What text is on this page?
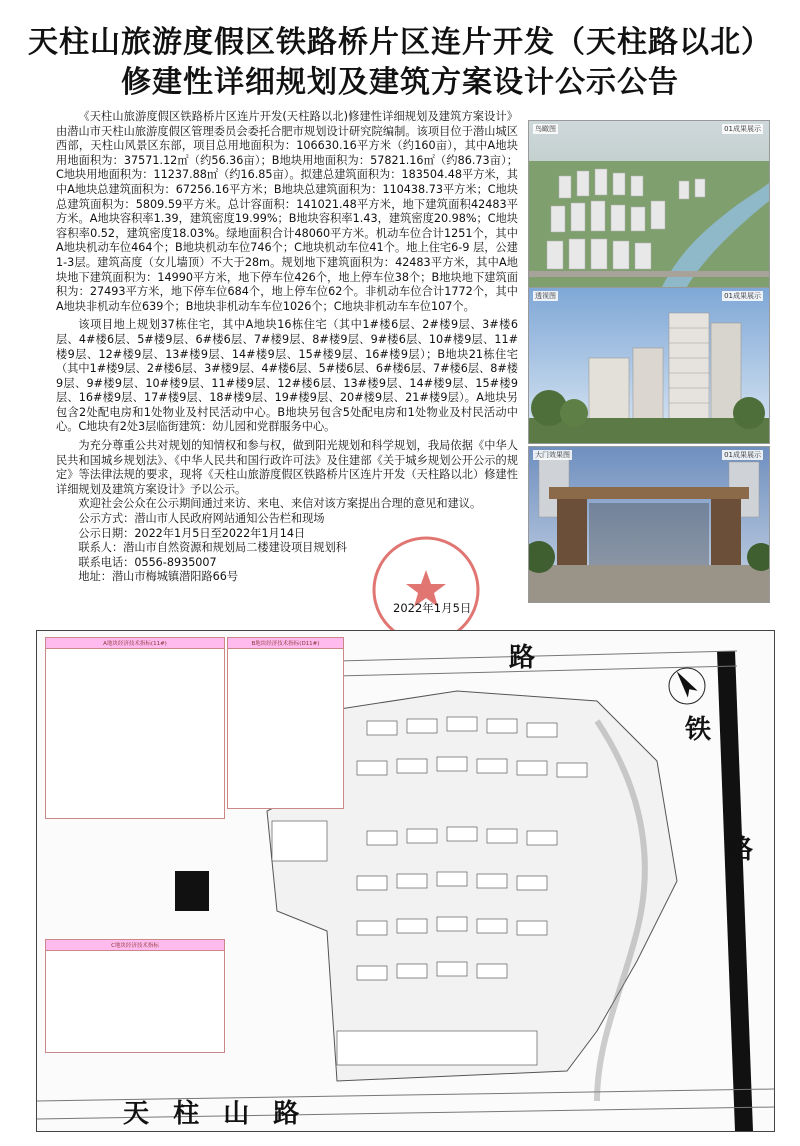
天柱山旅游度假区铁路桥片区连片开发（天柱路以北）
修建性详细规划及建筑方案设计公示公告

《天柱山旅游度假区铁路桥片区连片开发(天柱路以北)修建性详细规划及建筑方案设计》由潜山市天柱山旅游度假区管理委员会委托合肥市规划设计研究院编制。该项目位于潜山城区西部，天柱山风景区东部，项目总用地面积为：106630.16平方米（约160亩），其中A地块用地面积为：37571.12㎡（约56.36亩）；B地块用地面积为：57821.16㎡（约86.73亩）；C地块用地面积为：11237.88㎡（约16.85亩）。拟建总建筑面积为：183504.48平方米，其中A地块总建筑面积为：67256.16平方米；B地块总建筑面积为：110438.73平方米；C地块总建筑面积为：5809.59平方米。总计容面积：141021.48平方米，地下建筑面积42483平方米。A地块容积率1.39，建筑密度19.99%；B地块容积率1.43，建筑密度20.98%；C地块容积率0.52，建筑密度18.03%。绿地面积合计48060平方米。机动车位合计1251个，其中A地块机动车位464个；B地块机动车位746个；C地块机动车位41个。地上住宅6-9 层，公建1-3层。建筑高度（女儿墙顶）不大于28m。规划地下建筑面积为：42483平方米，其中A地块地下建筑面积为：14990平方米，地下停车位426个，地上停车位38个；B地块地下建筑面积为：27493平方米，地下停车位684个，地上停车位62个。非机动车位合计1772个，其中A地块非机动车位639个；B地块非机动车车位1026个；C地块非机动车车位107个。

该项目地上规划37栋住宅，其中A地块16栋住宅（其中1#楼6层、2#楼9层、3#楼6 层、4#楼6层、5#楼9层、6#楼6层、7#楼9层、8#楼9层、9#楼6层、10#楼9层、11#楼9层、12#楼9层、13#楼9层、14#楼9层、15#楼9层、16#楼9层）；B地块21栋住宅（其中1#楼9层、2#楼6层、3#楼9层、4#楼6层、5#楼6层、6#楼6层、7#楼6层、8#楼9层、9#楼9层、10#楼9层、11#楼9层、12#楼6层、13#楼9层、14#楼9层、15#楼9层、16#楼9层、17#楼9层、18#楼9层、19#楼9层、20#楼9层、21#楼9层）。A地块另包含2处配电房和1处物业及村民活动中心。B地块另包含5处配电房和1处物业及村民活动中心。C地块有2处3层临街建筑：幼儿园和党群服务中心。

为充分尊重公共对规划的知情权和参与权，做到阳光规划和科学规划，我局依据《中华人民共和国城乡规划法》、《中华人民共和国行政许可法》及住建部《关于城乡规划公开公示的规定》等法律法规的要求，现将《天柱山旅游度假区铁路桥片区连片开发（天柱路以北）修建性详细规划及建筑方案设计》予以公示。

欢迎社会公众在公示期间通过来访、来电、来信对该方案提出合理的意见和建议。

公示方式：潜山市人民政府网站通知公告栏和现场

公示日期：2022年1月5日至2022年1月14日

联系人：潜山市自然资源和规划局二楼建设项目规划科

联系电话：0556-8935007

地址：潜山市梅城镇潜阳路66号

鸟瞰图	01成果展示
透视图	01成果展示
大门效果图	01成果展示
2022年1月5日
A地块经济技术指标(11#)	B地块经济技术指标(D11#)
C地块经济技术指标
路
铁
路
天  柱  山  路
